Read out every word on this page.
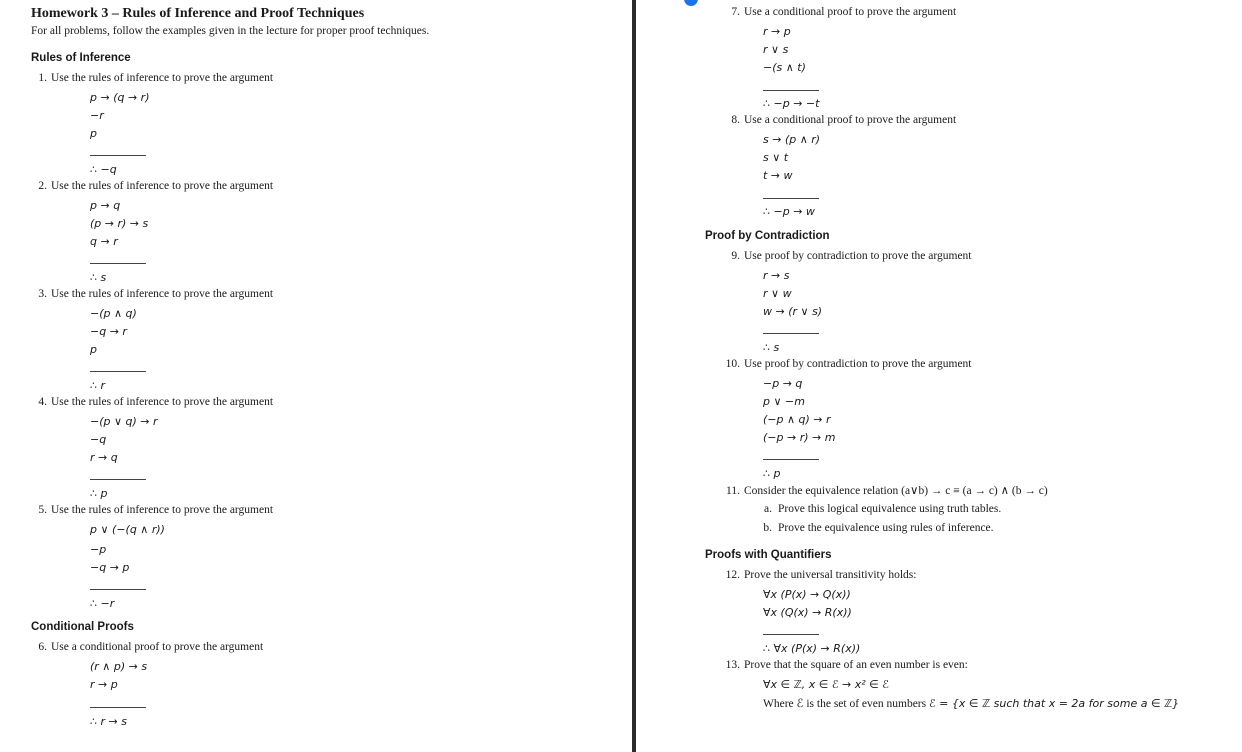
Homework 3 – Rules of Inference and Proof Techniques
For all problems, follow the examples given in the lecture for proper proof techniques.
Rules of Inference
1. Use the rules of inference to prove the argument
p → (q → r)
−r
p
∴ −q
2. Use the rules of inference to prove the argument
p → q
(p → r) → s
q → r
∴ s
3. Use the rules of inference to prove the argument
−(p ∧ q)
−q → r
p
∴ r
4. Use the rules of inference to prove the argument
−(p ∨ q) → r
−q
r → q
∴ p
5. Use the rules of inference to prove the argument
p ∨ (−(q ∧ r))
−p
−q → p
∴ −r
Conditional Proofs
6. Use a conditional proof to prove the argument
(r ∧ p) → s
r → p
∴ r → s
7. Use a conditional proof to prove the argument
r → p
r ∨ s
−(s ∧ t)
∴ −p → −t
8. Use a conditional proof to prove the argument
s → (p ∧ r)
s ∨ t
t → w
∴ −p → w
Proof by Contradiction
9. Use proof by contradiction to prove the argument
r → s
r ∨ w
w → (r ∨ s)
∴ s
10. Use proof by contradiction to prove the argument
−p → q
p ∨ −m
(−p ∧ q) → r
(−p → r) → m
∴ p
11. Consider the equivalence relation (a∨b) → c ≡ (a → c) ∧ (b → c)
a. Prove this logical equivalence using truth tables.
b. Prove the equivalence using rules of inference.
Proofs with Quantifiers
12. Prove the universal transitivity holds:
∀x (P(x) → Q(x))
∀x (Q(x) → R(x))
∴ ∀x (P(x) → R(x))
13. Prove that the square of an even number is even:
∀x ∈ ℤ, x ∈ ℰ → x² ∈ ℰ
Where ℰ is the set of even numbers ℰ = {x ∈ ℤ such that x = 2a for some a ∈ ℤ}
